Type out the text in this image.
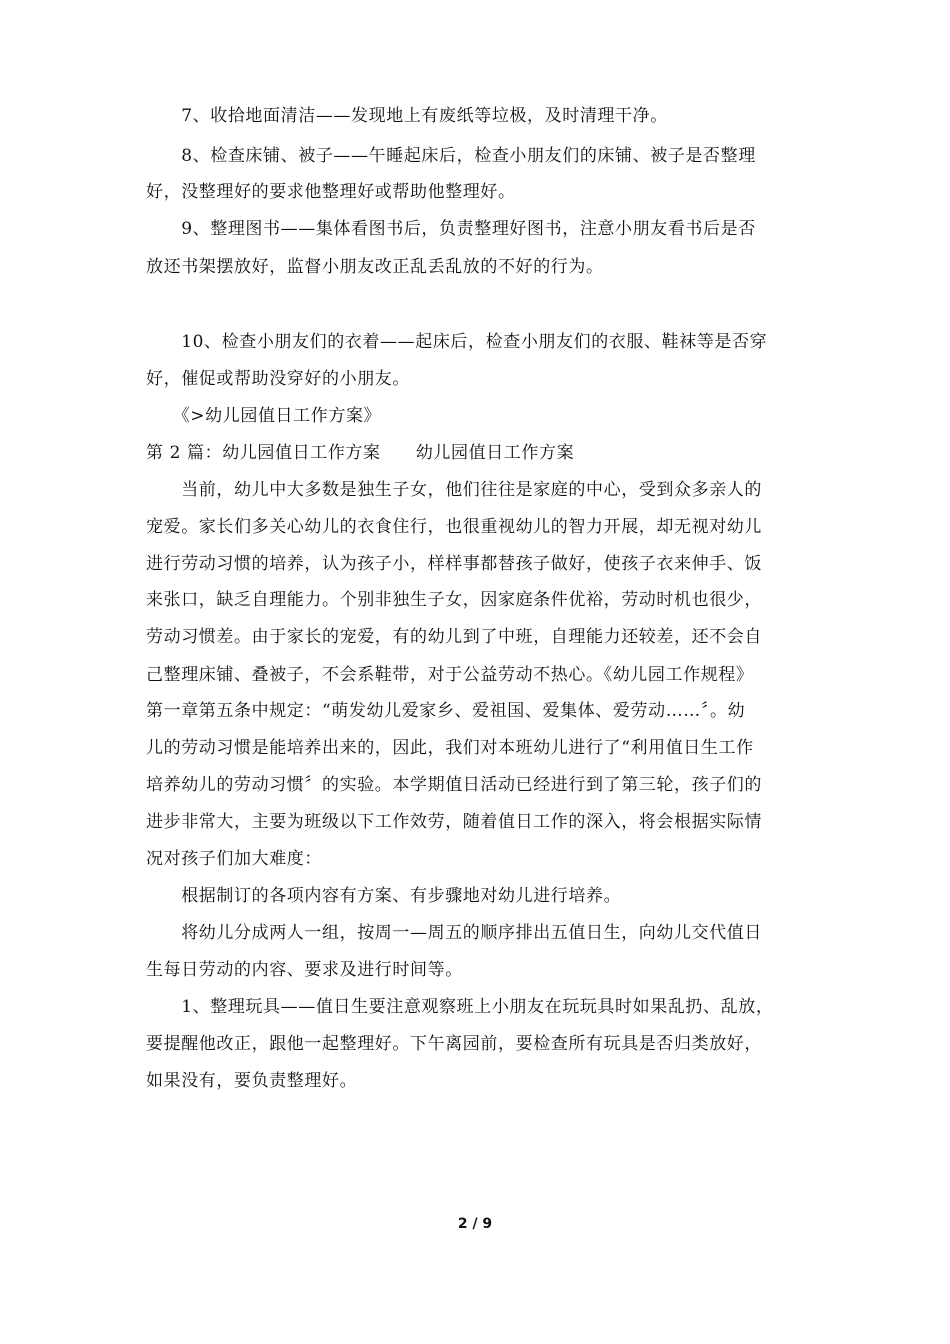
　　7、收拾地面清洁——发现地上有废纸等垃极，及时清理干净。
　　8、检查床铺、被子——午睡起床后，检查小朋友们的床铺、被子是否整理
好，没整理好的要求他整理好或帮助他整理好。
　　9、整理图书——集体看图书后，负责整理好图书，注意小朋友看书后是否
放还书架摆放好，监督小朋友改正乱丢乱放的不好的行为。
　　10、检查小朋友们的衣着——起床后，检查小朋友们的衣服、鞋袜等是否穿
好，催促或帮助没穿好的小朋友。
　　《>幼儿园值日工作方案》
第 2 篇：幼儿园值日工作方案　　幼儿园值日工作方案
　　当前，幼儿中大多数是独生子女，他们往往是家庭的中心，受到众多亲人的
宠爱。家长们多关心幼儿的衣食住行，也很重视幼儿的智力开展，却无视对幼儿
进行劳动习惯的培养，认为孩子小，样样事都替孩子做好，使孩子衣来伸手、饭
来张口，缺乏自理能力。个别非独生子女，因家庭条件优裕，劳动时机也很少，
劳动习惯差。由于家长的宠爱，有的幼儿到了中班，自理能力还较差，还不会自
己整理床铺、叠被子，不会系鞋带，对于公益劳动不热心。《幼儿园工作规程》
第一章第五条中规定：“萌发幼儿爱家乡、爱祖国、爱集体、爱劳动……〞。幼
儿的劳动习惯是能培养出来的，因此，我们对本班幼儿进行了“利用值日生工作
培养幼儿的劳动习惯〞的实验。本学期值日活动已经进行到了第三轮，孩子们的
进步非常大，主要为班级以下工作效劳，随着值日工作的深入，将会根据实际情
况对孩子们加大难度：
　　根据制订的各项内容有方案、有步骤地对幼儿进行培养。
　　将幼儿分成两人一组，按周一—周五的顺序排出五值日生，向幼儿交代值日
生每日劳动的内容、要求及进行时间等。
　　1、整理玩具——值日生要注意观察班上小朋友在玩玩具时如果乱扔、乱放，
要提醒他改正，跟他一起整理好。下午离园前，要检查所有玩具是否归类放好，
如果没有，要负责整理好。
2 / 9
